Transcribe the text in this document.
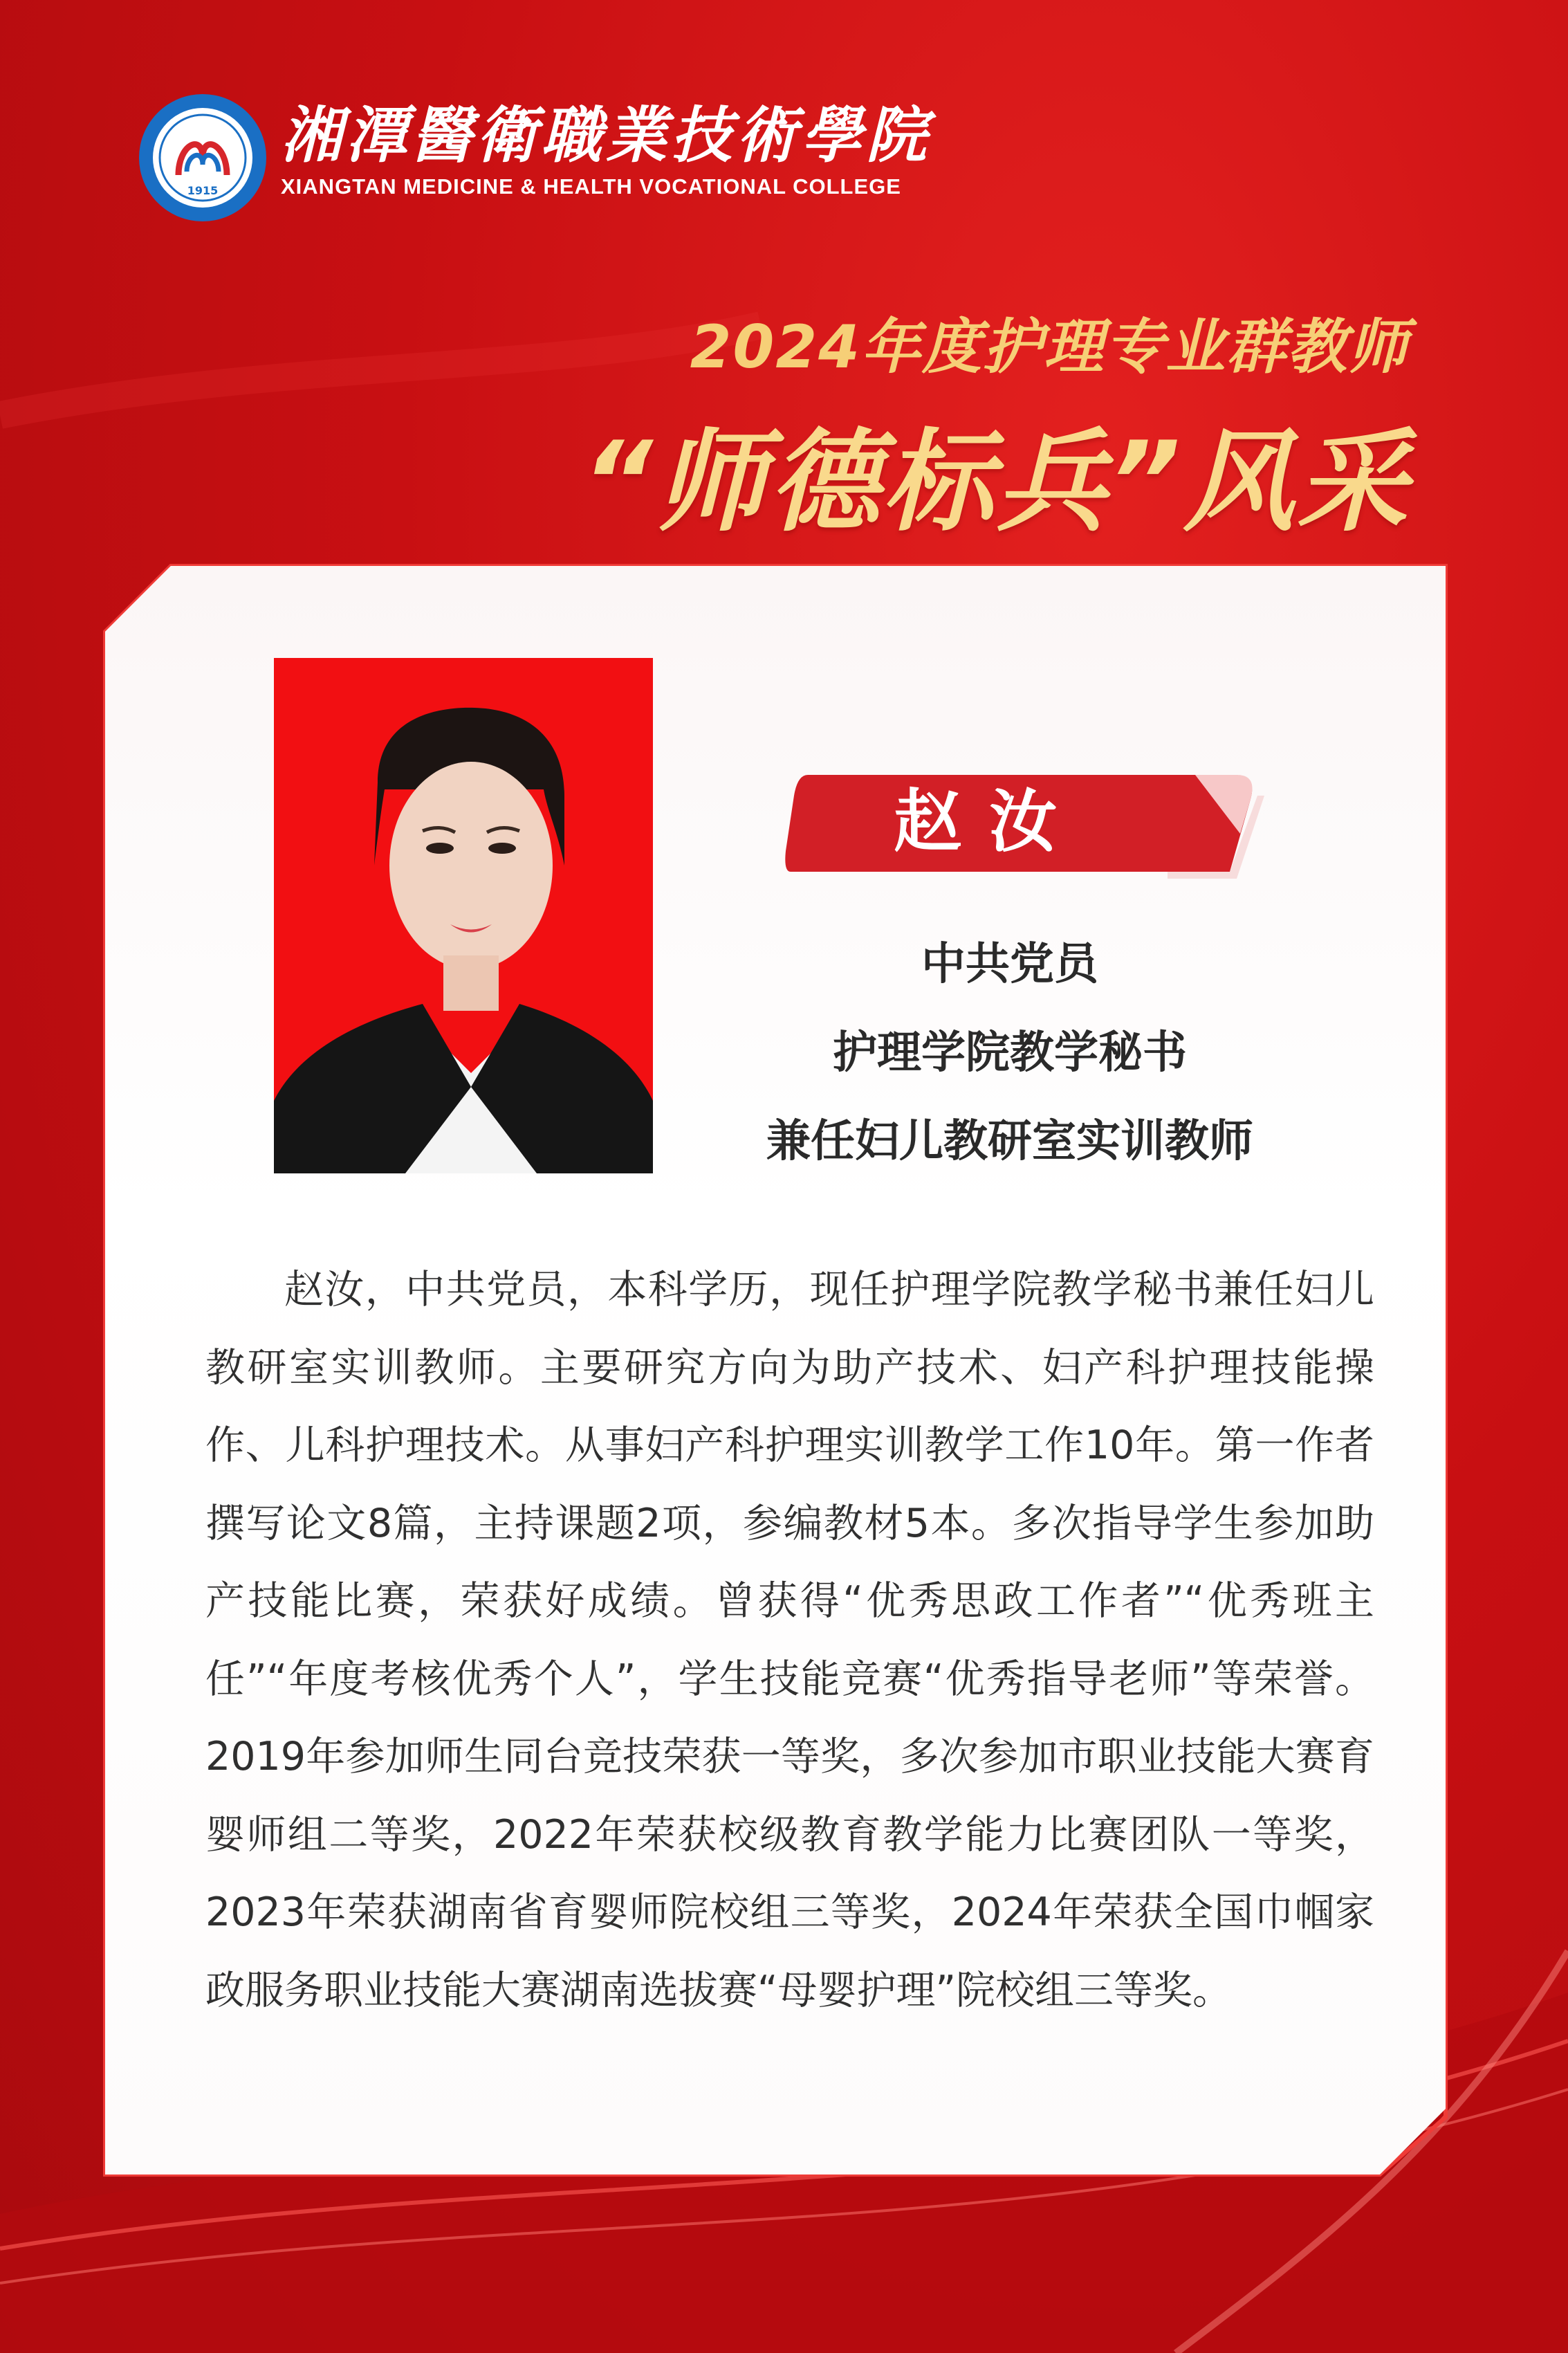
1915
湘潭醫衛職業技術學院
XIANGTAN MEDICINE & HEALTH VOCATIONAL COLLEGE
2024年度护理专业群教师
“师德标兵”风采
赵汝
中共党员
护理学院教学秘书
兼任妇儿教研室实训教师
赵汝，中共党员，本科学历，现任护理学院教学秘书兼任妇儿教研室实训教师。主要研究方向为助产技术、妇产科护理技能操作、儿科护理技术。从事妇产科护理实训教学工作10年。第一作者撰写论文8篇，主持课题2项，参编教材5本。多次指导学生参加助产技能比赛，荣获好成绩。曾获得“优秀思政工作者”“优秀班主任”“年度考核优秀个人”，学生技能竞赛“优秀指导老师”等荣誉。2019年参加师生同台竞技荣获一等奖，多次参加市职业技能大赛育婴师组二等奖，2022年荣获校级教育教学能力比赛团队一等奖，2023年荣获湖南省育婴师院校组三等奖，2024年荣获全国巾帼家政服务职业技能大赛湖南选拔赛“母婴护理”院校组三等奖。
